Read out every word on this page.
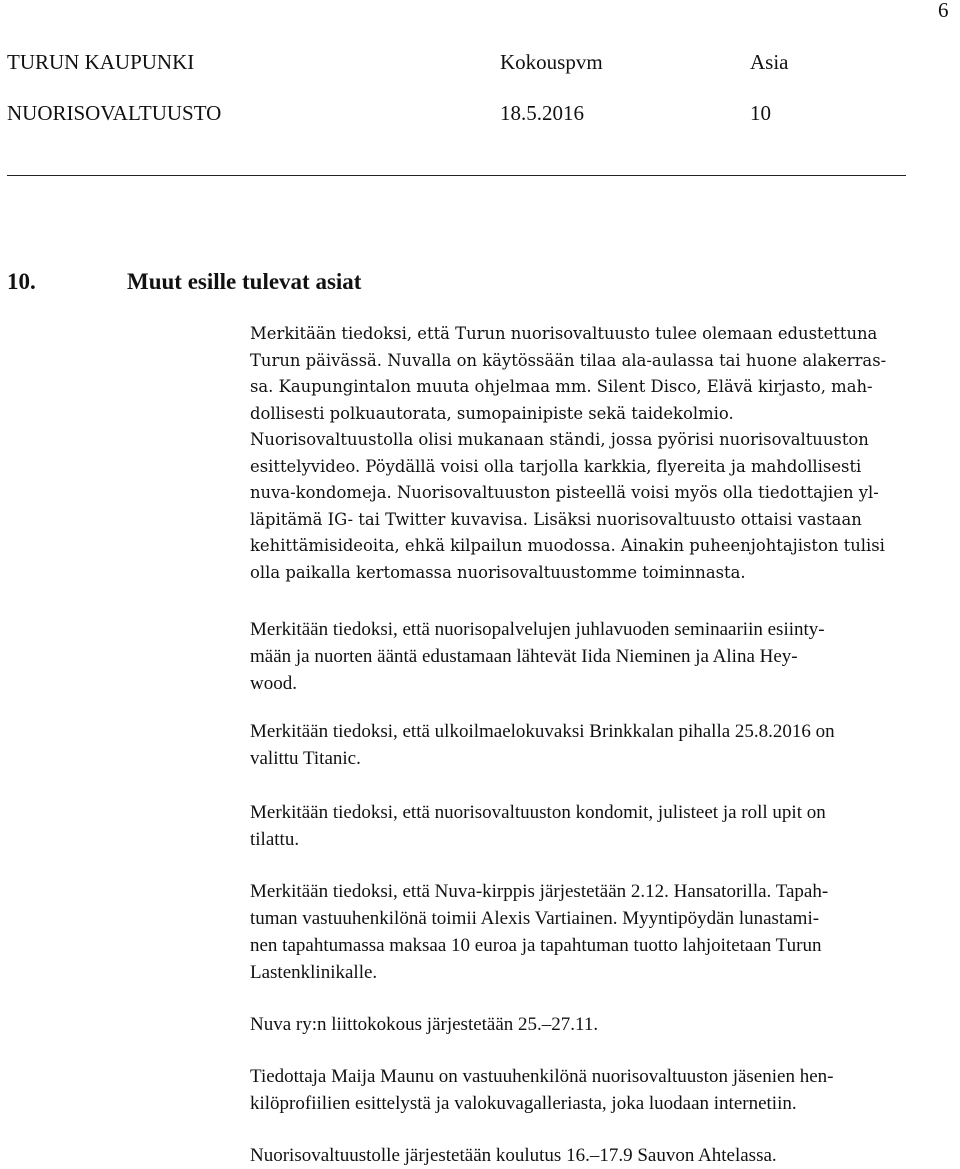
6
TURUN KAUPUNKI	Kokouspvm	Asia
NUORISOVALTUUSTO	18.5.2016	10
10.	Muut esille tulevat asiat

Merkitään tiedoksi, että Turun nuorisovaltuusto tulee olemaan edustettuna
Turun päivässä. Nuvalla on käytössään tilaa ala-aulassa tai huone alakerras-
sa. Kaupungintalon muuta ohjelmaa mm. Silent Disco, Elävä kirjasto, mah-
dollisesti polkuautorata, sumopainipiste sekä taidekolmio.
Nuorisovaltuustolla olisi mukanaan ständi, jossa pyörisi nuorisovaltuuston
esittelyvideo. Pöydällä voisi olla tarjolla karkkia, flyereita ja mahdollisesti
nuva-kondomeja. Nuorisovaltuuston pisteellä voisi myös olla tiedottajien yl-
läpitämä IG- tai Twitter kuvavisa. Lisäksi nuorisovaltuusto ottaisi vastaan
kehittämisideoita, ehkä kilpailun muodossa. Ainakin puheenjohtajiston tulisi
olla paikalla kertomassa nuorisovaltuustomme toiminnasta.

Merkitään tiedoksi, että nuorisopalvelujen juhlavuoden seminaariin esiinty-
mään ja nuorten ääntä edustamaan lähtevät Iida Nieminen ja Alina Hey-
wood.

Merkitään tiedoksi, että ulkoilmaelokuvaksi Brinkkalan pihalla 25.8.2016 on
valittu Titanic.

Merkitään tiedoksi, että nuorisovaltuuston kondomit, julisteet ja roll upit on
tilattu.

Merkitään tiedoksi, että Nuva-kirppis järjestetään 2.12. Hansatorilla. Tapah-
tuman vastuuhenkilönä toimii Alexis Vartiainen. Myyntipöydän lunastami-
nen tapahtumassa maksaa 10 euroa ja tapahtuman tuotto lahjoitetaan Turun
Lastenklinikalle.

Nuva ry:n liittokokous järjestetään 25.–27.11.

Tiedottaja Maija Maunu on vastuuhenkilönä nuorisovaltuuston jäsenien hen-
kilöprofiilien esittelystä ja valokuvagalleriasta, joka luodaan internetiin.

Nuorisovaltuustolle järjestetään koulutus 16.–17.9 Sauvon Ahtelassa.
